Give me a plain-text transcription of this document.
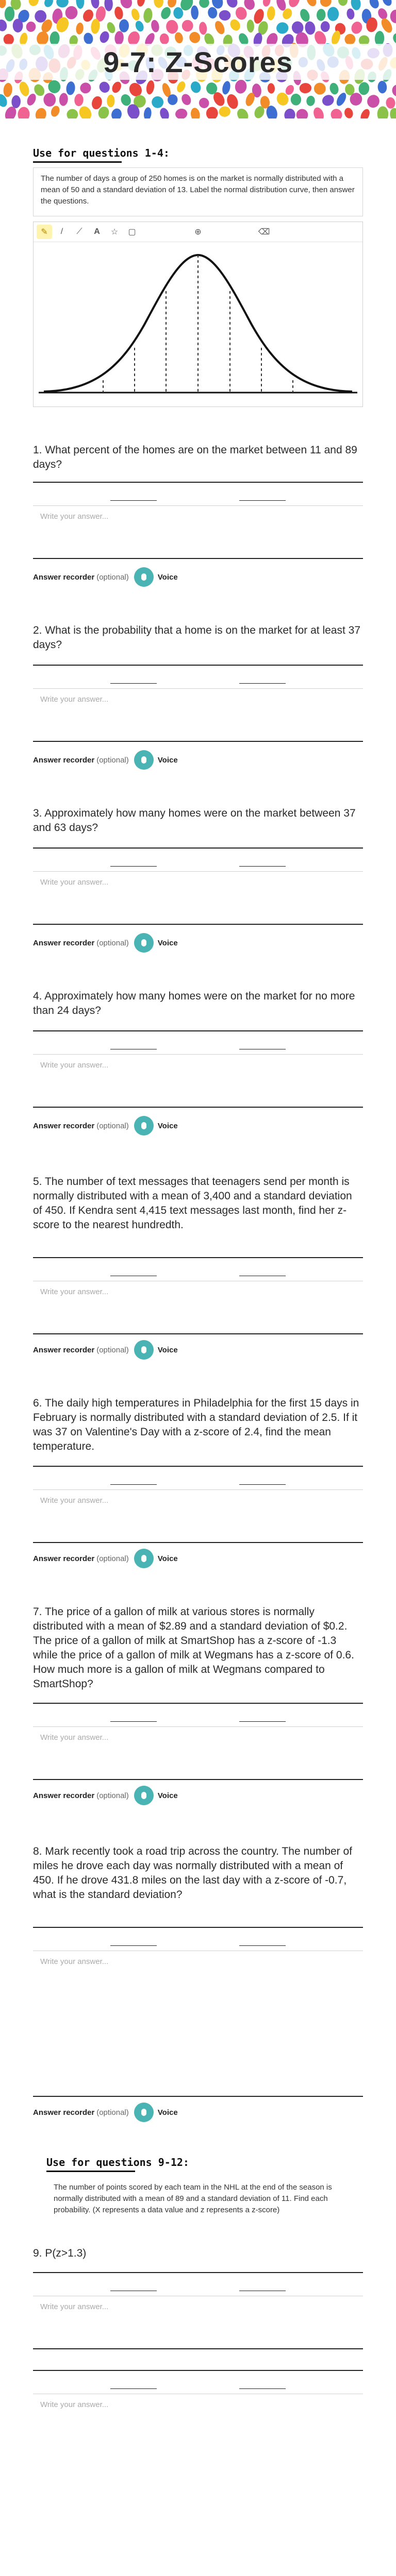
9-7: Z-Scores
Use for questions 1-4:
The number of days a group of 250 homes is on the market is normally distributed with a mean of 50 and a standard deviation of 13. Label the normal distribution curve, then answer the questions.
✎	/	⟋	A	☆	▢	⊕	⌫
1. What percent of the homes are on the market between 11 and 89 days?
Write your answer...
Answer recorder (optional)	Voice
2. What is the probability that a home is on the market for at least 37 days?
Write your answer...
Answer recorder (optional)	Voice
3. Approximately how many homes were on the market between 37 and 63 days?
Write your answer...
Answer recorder (optional)	Voice
4. Approximately how many homes were on the market for no more than 24 days?
Write your answer...
Answer recorder (optional)	Voice
5. The number of text messages that teenagers send per month is normally distributed with a mean of 3,400 and a standard deviation of 450. If Kendra sent 4,415 text messages last month, find her z-score to the nearest hundredth.
Write your answer...
Answer recorder (optional)	Voice
6. The daily high temperatures in Philadelphia for the first 15 days in February is normally distributed with a standard deviation of 2.5. If it was 37 on Valentine's Day with a z-score of 2.4, find the mean temperature.
Write your answer...
Answer recorder (optional)	Voice
7. The price of a gallon of milk at various stores is normally distributed with a mean of $2.89 and a standard deviation of $0.2. The price of a gallon of milk at SmartShop has a z-score of -1.3 while the price of a gallon of milk at Wegmans has a z-score of 0.6. How much more is a gallon of milk at Wegmans compared to SmartShop?
Write your answer...
Answer recorder (optional)	Voice
8. Mark recently took a road trip across the country. The number of miles he drove each day was normally distributed with a mean of 450. If he drove 431.8 miles on the last day with a z-score of -0.7, what is the standard deviation?
Write your answer...
Answer recorder (optional)	Voice
Use for questions 9-12:
The number of points scored by each team in the NHL at the end of the season is normally distributed with a mean of 89 and a standard deviation of 11. Find each probability. (X represents a data value and z represents a z-score)
9. P(z>1.3)
Write your answer...
Write your answer...
